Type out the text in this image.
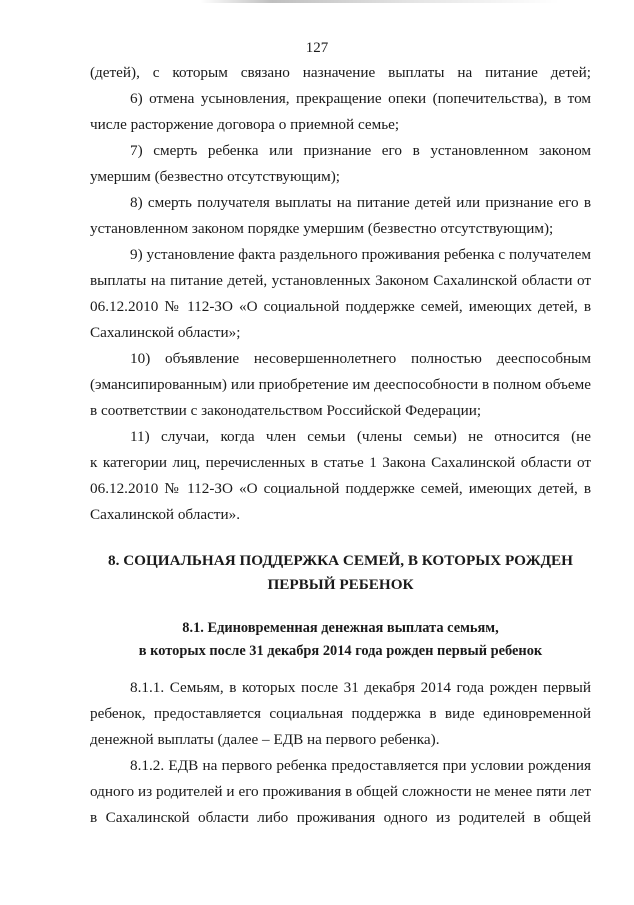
127
(детей), с которым связано назначение выплаты на питание детей;
6) отмена усыновления, прекращение опеки (попечительства), в том
числе расторжение договора о приемной семье;
7) смерть ребенка или признание его в установленном законом
умершим (безвестно отсутствующим);
8) смерть получателя выплаты на питание детей или признание его в
установленном законом порядке умершим (безвестно отсутствующим);
9) установление факта раздельного проживания ребенка с получателем
выплаты на питание детей, установленных Законом Сахалинской области от
06.12.2010 № 112-ЗО «О социальной поддержке семей, имеющих детей, в
Сахалинской области»;
10) объявление несовершеннолетнего полностью дееспособным
(эмансипированным) или приобретение им дееспособности в полном объеме
в соответствии с законодательством Российской Федерации;
11) случаи, когда член семьи (члены семьи) не относится (не
к категории лиц, перечисленных в статье 1 Закона Сахалинской области от
06.12.2010 № 112-ЗО «О социальной поддержке семей, имеющих детей, в
Сахалинской области».
8. СОЦИАЛЬНАЯ ПОДДЕРЖКА СЕМЕЙ, В КОТОРЫХ РОЖДЕН
ПЕРВЫЙ РЕБЕНОК
8.1. Единовременная денежная выплата семьям,
в которых после 31 декабря 2014 года рожден первый ребенок
8.1.1. Семьям, в которых после 31 декабря 2014 года рожден первый
ребенок, предоставляется социальная поддержка в виде единовременной
денежной выплаты (далее – ЕДВ на первого ребенка).
8.1.2. ЕДВ на первого ребенка предоставляется при условии рождения
одного из родителей и его проживания в общей сложности не менее пяти лет
в Сахалинской области либо проживания одного из родителей в общей
